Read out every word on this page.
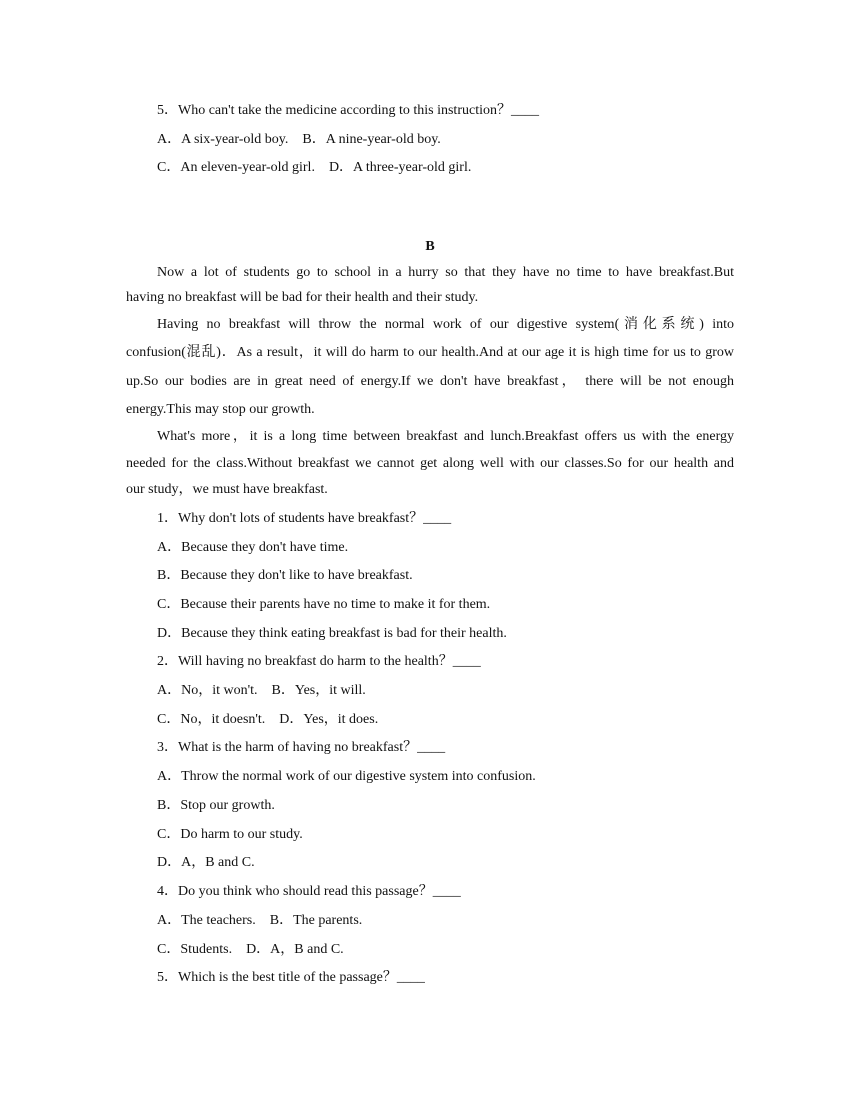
5．Who can't take the medicine according to this instruction？____
A．A six-year-old boy.　B．A nine-year-old boy.
C．An eleven-year-old girl.　D．A three-year-old girl.
B
Now a lot of students go to school in a hurry so that they have no time to have breakfast.But
having no breakfast will be bad for their health and their study.
Having no breakfast will throw the normal work of our digestive system(消化系统) into
confusion(混乱)．As a result，it will do harm to our health.And at our age it is high time for us to grow
up.So our bodies are in great need of energy.If we don't have breakfast， there will be not enough
energy.This may stop our growth.
What's more，it is a long time between breakfast and lunch.Breakfast offers us with the energy
needed for the class.Without breakfast we cannot get along well with our classes.So for our health and
our study，we must have breakfast.
1．Why don't lots of students have breakfast？____
A．Because they don't have time.
B．Because they don't like to have breakfast.
C．Because their parents have no time to make it for them.
D．Because they think eating breakfast is bad for their health.
2．Will having no breakfast do harm to the health？____
A．No，it won't.　B．Yes，it will.
C．No，it doesn't.　D．Yes，it does.
3．What is the harm of having no breakfast？____
A．Throw the normal work of our digestive system into confusion.
B．Stop our growth.
C．Do harm to our study.
D．A，B and C.
4．Do you think who should read this passage？____
A．The teachers.　B．The parents.
C．Students.　D．A，B and C.
5．Which is the best title of the passage？____
